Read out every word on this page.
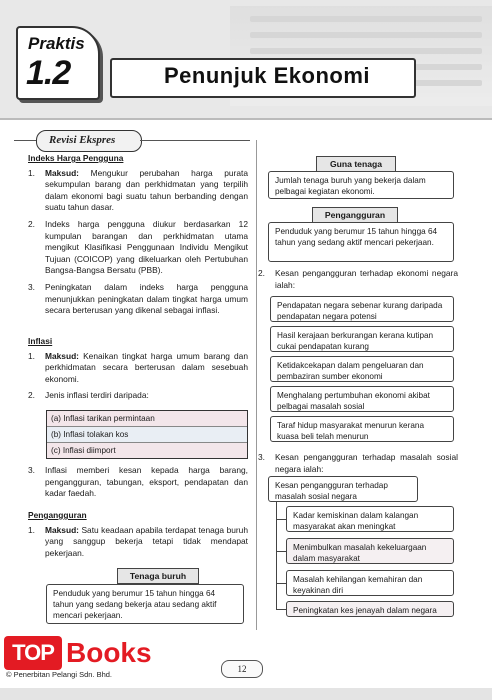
Praktis
1.2	Penunjuk Ekonomi
Revisi Ekspres
Indeks Harga Pengguna
1.	Maksud: Mengukur perubahan harga purata sekumpulan barang dan perkhidmatan yang terpilih dalam ekonomi bagi suatu tahun berbanding dengan suatu tahun dasar.
2.	Indeks harga pengguna diukur berdasarkan 12 kumpulan barangan dan perkhidmatan utama mengikut Klasifikasi Penggunaan Individu Mengikut Tujuan (COICOP) yang dikeluarkan oleh Pertubuhan Bangsa-Bangsa Bersatu (PBB).
3.	Peningkatan dalam indeks harga pengguna menunjukkan peningkatan dalam tingkat harga umum secara berterusan yang dikenal sebagai inflasi.
Inflasi
1.	Maksud: Kenaikan tingkat harga umum barang dan perkhidmatan secara berterusan dalam sesebuah ekonomi.
2.	Jenis inflasi terdiri daripada:
(a) Inflasi tarikan permintaan
(b) Inflasi tolakan kos
(c) Inflasi diimport
3.	Inflasi memberi kesan kepada harga barang, pengangguran, tabungan, eksport, pendapatan dan kadar faedah.
Pengangguran
1.	Maksud: Satu keadaan apabila terdapat tenaga buruh yang sanggup bekerja tetapi tidak mendapat pekerjaan.
Tenaga buruh
Penduduk yang berumur 15 tahun hingga 64 tahun yang sedang bekerja atau sedang aktif mencari pekerjaan.
Guna tenaga
Jumlah tenaga buruh yang bekerja dalam pelbagai kegiatan ekonomi.
Pengangguran
Penduduk yang berumur 15 tahun hingga 64 tahun yang sedang aktif mencari pekerjaan.
2.	Kesan pengangguran terhadap ekonomi negara ialah:
Pendapatan negara sebenar kurang daripada pendapatan negara potensi
Hasil kerajaan berkurangan kerana kutipan cukai pendapatan kurang
Ketidakcekapan dalam pengeluaran dan pembaziran sumber ekonomi
Menghalang pertumbuhan ekonomi akibat pelbagai masalah sosial
Taraf hidup masyarakat menurun kerana kuasa beli telah menurun
3.	Kesan pengangguran terhadap masalah sosial negara ialah:
Kesan pengangguran terhadap masalah sosial negara
Kadar kemiskinan dalam kalangan masyarakat akan meningkat
Menimbulkan masalah kekeluargaan dalam masyarakat
Masalah kehilangan kemahiran dan keyakinan diri
Peningkatan kes jenayah dalam negara
TOP Books
© Penerbitan Pelangi Sdn. Bhd.
12
